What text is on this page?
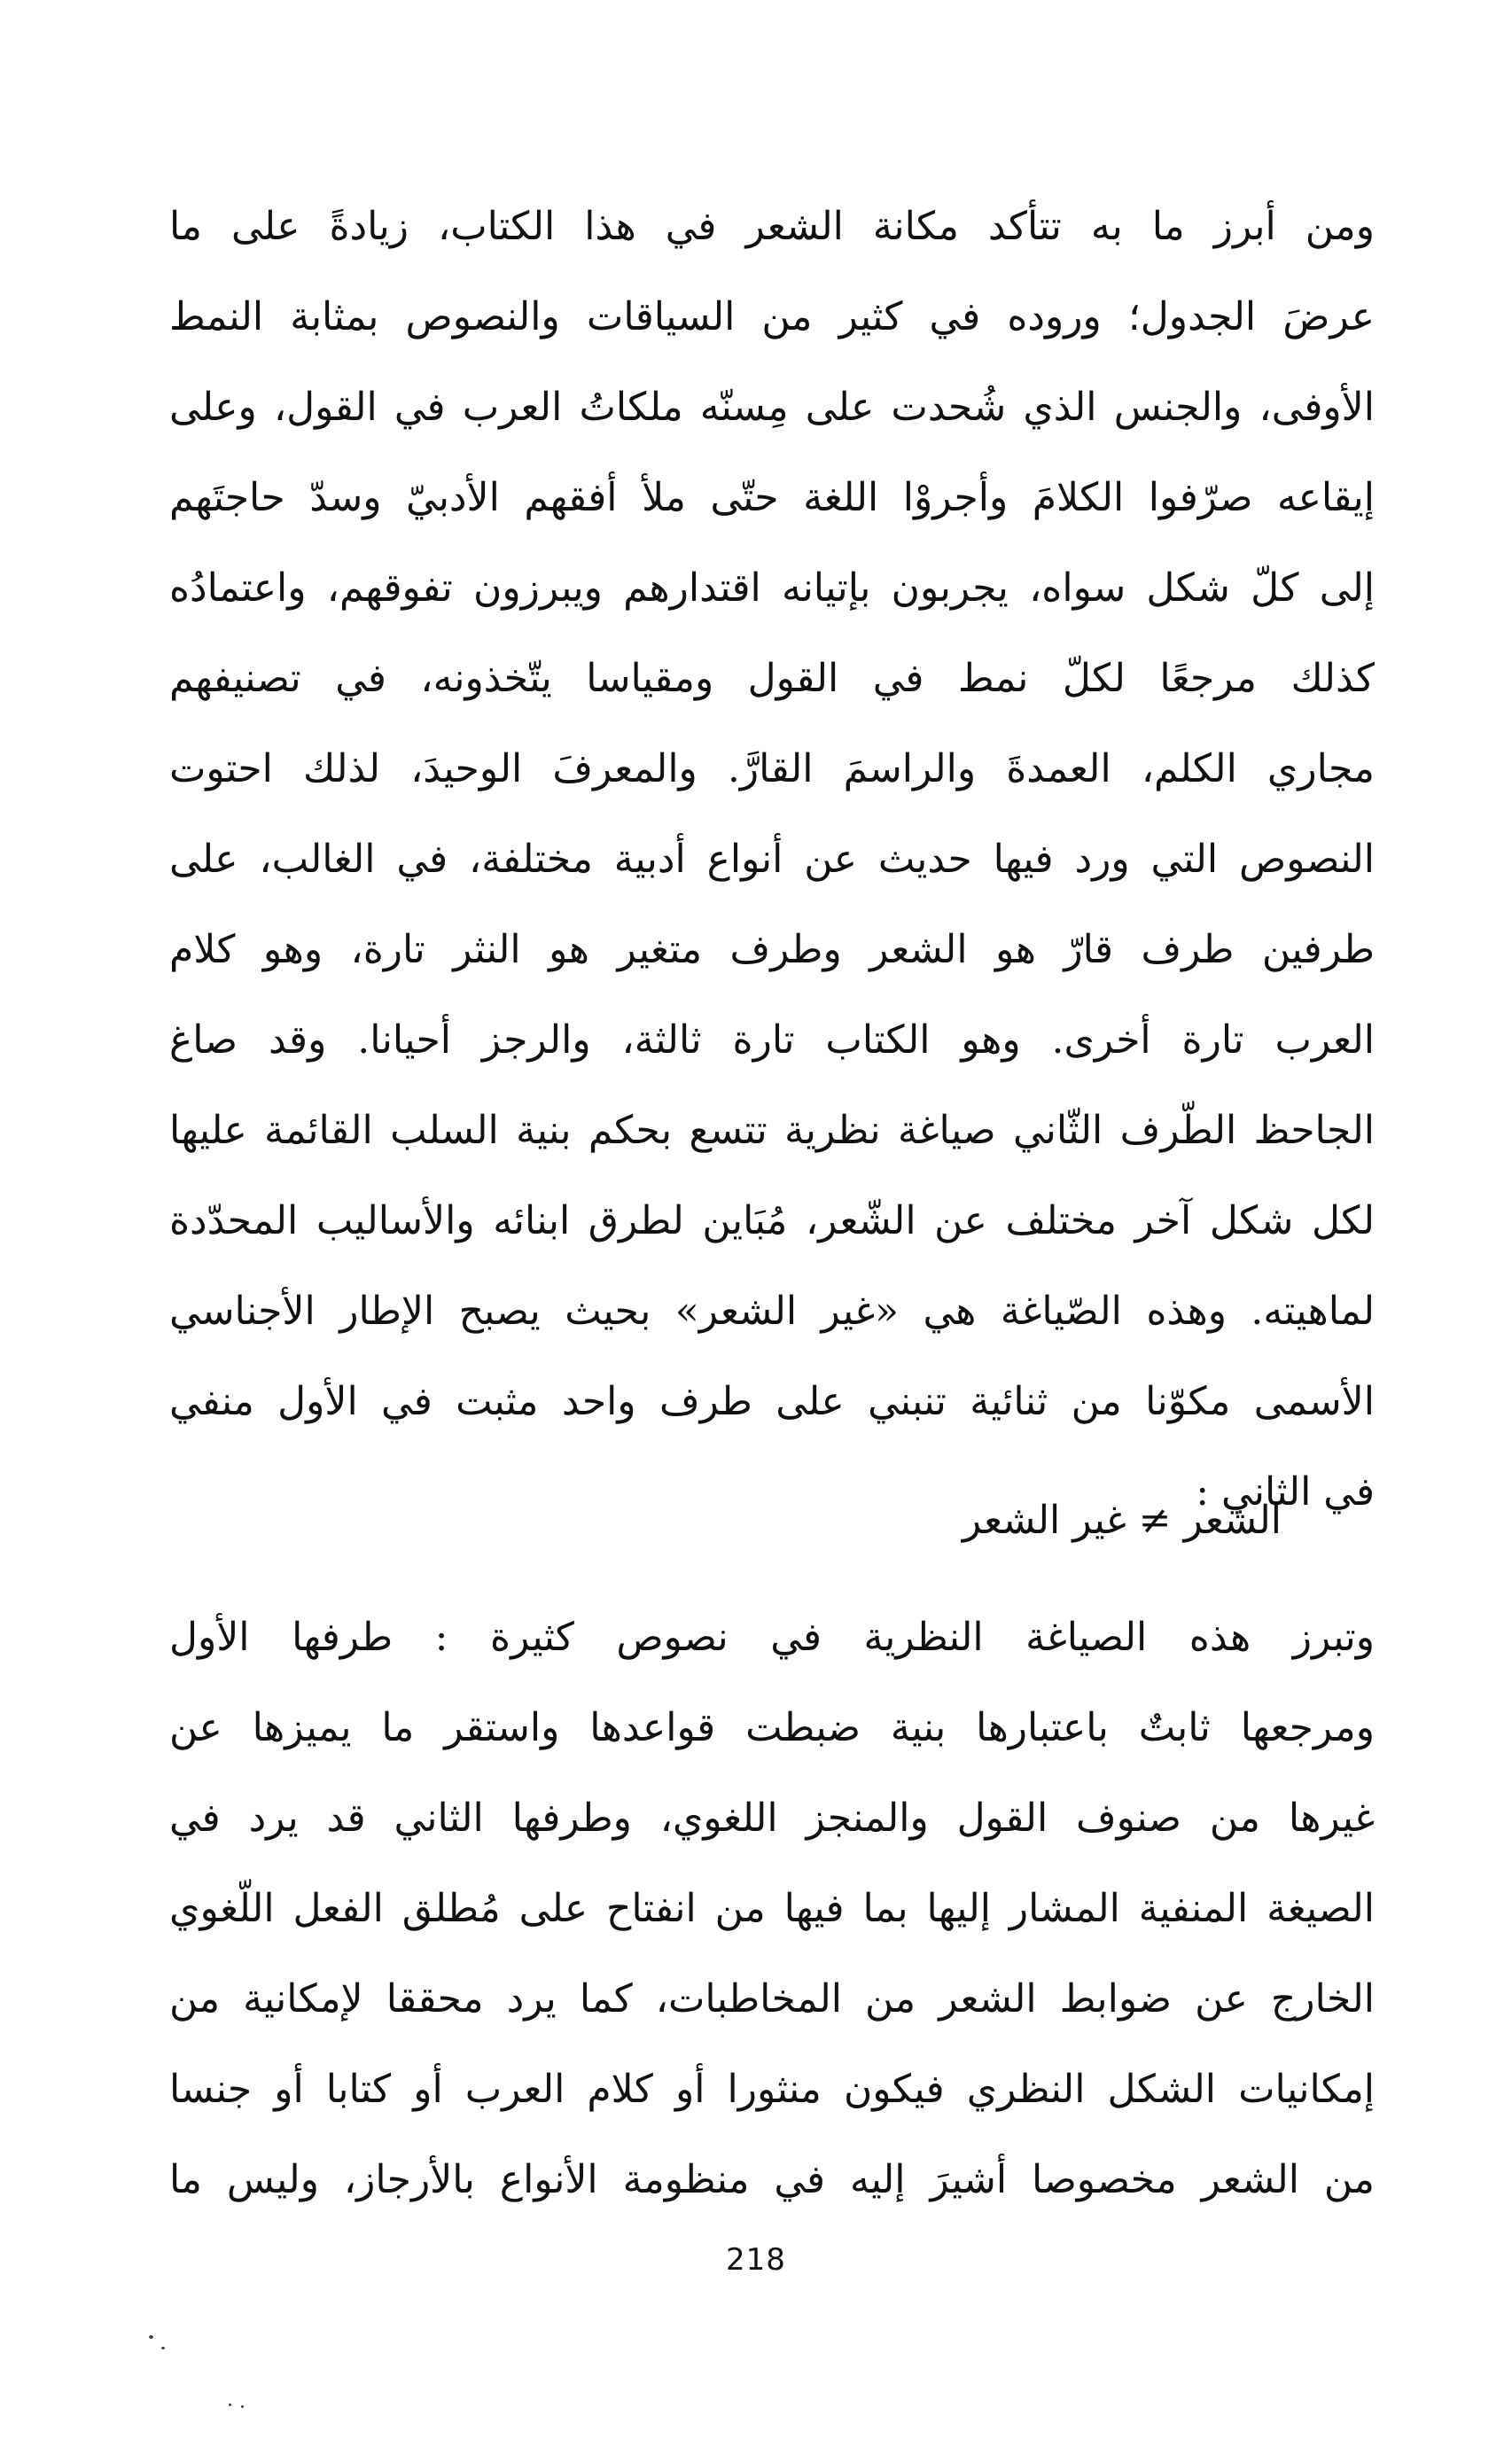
ومن أبرز ما به تتأكد مكانة الشعر في هذا الكتاب، زيادةً على ما
عرضَ الجدول؛ وروده في كثير من السياقات والنصوص بمثابة النمط
الأوفى، والجنس الذي شُحدت على مِسنّه ملكاتُ العرب في القول، وعلى
إيقاعه صرّفوا الكلامَ وأجروْا اللغة حتّى ملأ أفقهم الأدبيّ وسدّ حاجتَهم
إلى كلّ شكل سواه، يجربون بإتيانه اقتدارهم ويبرزون تفوقهم، واعتمادُه
كذلك مرجعًا لكلّ نمط في القول ومقياسا يتّخذونه، في تصنيفهم
مجاري الكلم، العمدةَ والراسمَ القارَّ. والمعرفَ الوحيدَ، لذلك احتوت
النصوص التي ورد فيها حديث عن أنواع أدبية مختلفة، في الغالب، على
طرفين طرف قارّ هو الشعر وطرف متغير هو النثر تارة، وهو كلام
العرب تارة أخرى. وهو الكتاب تارة ثالثة، والرجز أحيانا. وقد صاغ
الجاحظ الطّرف الثّاني صياغة نظرية تتسع بحكم بنية السلب القائمة عليها
لكل شكل آخر مختلف عن الشّعر، مُبَاين لطرق ابنائه والأساليب المحدّدة
لماهيته. وهذه الصّياغة هي «غير الشعر» بحيث يصبح الإطار الأجناسي
الأسمى مكوّنا من ثنائية تنبني على طرف واحد مثبت في الأول منفي
في الثاني :
الشعر ≠ غير الشعر
وتبرز هذه الصياغة النظرية في نصوص كثيرة : طرفها الأول
ومرجعها ثابتٌ باعتبارها بنية ضبطت قواعدها واستقر ما يميزها عن
غيرها من صنوف القول والمنجز اللغوي، وطرفها الثاني قد يرد في
الصيغة المنفية المشار إليها بما فيها من انفتاح على مُطلق الفعل اللّغوي
الخارج عن ضوابط الشعر من المخاطبات، كما يرد محققا لإمكانية من
إمكانيات الشكل النظري فيكون منثورا أو كلام العرب أو كتابا أو جنسا
من الشعر مخصوصا أشيرَ إليه في منظومة الأنواع بالأرجاز، وليس ما
218
